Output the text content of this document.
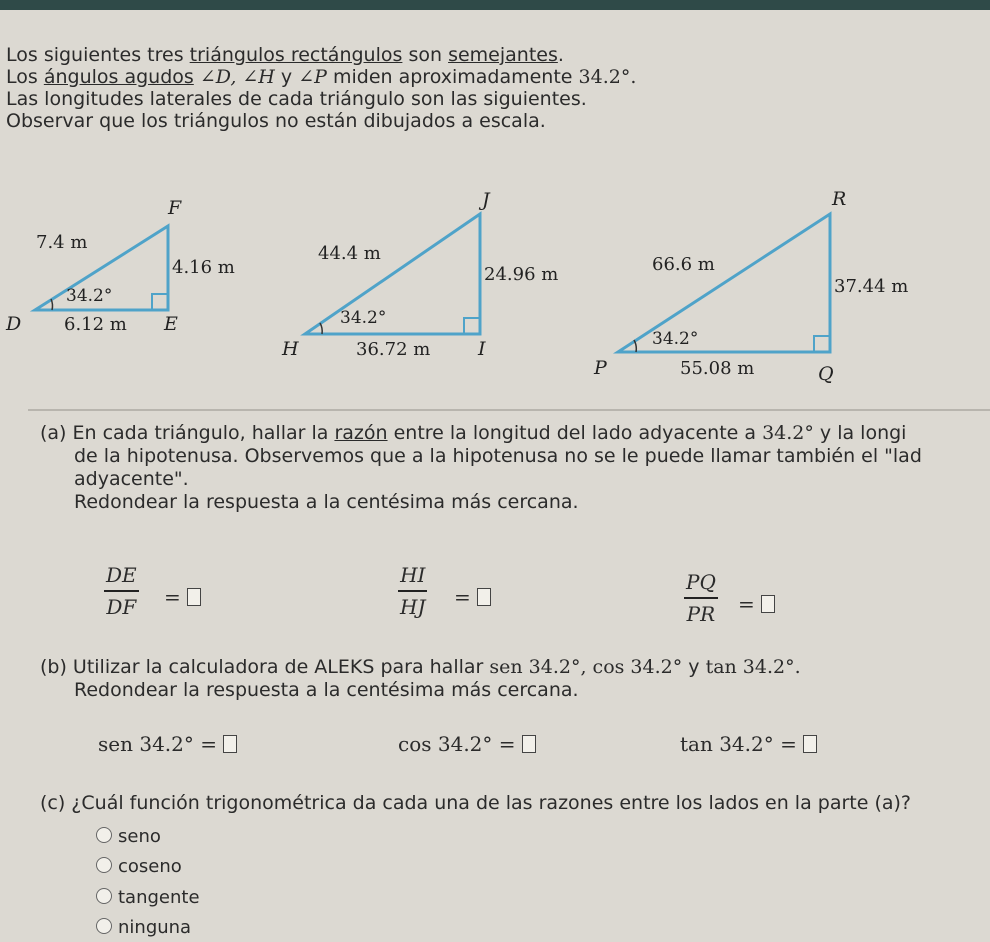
Los siguientes tres triángulos rectángulos son semejantes.
Los ángulos agudos ∠D, ∠H y ∠P miden aproximadamente 34.2°.
Las longitudes laterales de cada triángulo son las siguientes.
Observar que los triángulos no están dibujados a escala.
F
D	E
7.4 m
4.16 m
6.12 m
34.2°
J
H	I
44.4 m
24.96 m
36.72 m
34.2°
R
P	Q
66.6 m
37.44 m
55.08 m
34.2°
(a) En cada triángulo, hallar la razón entre la longitud del lado adyacente a 34.2° y la longi
de la hipotenusa. Observemos que a la hipotenusa no se le puede llamar también el "lad
adyacente".
Redondear la respuesta a la centésima más cercana.
DE
DF =
HI
HJ =
PQ
PR =
(b) Utilizar la calculadora de ALEKS para hallar sen 34.2°, cos 34.2° y tan 34.2°.
Redondear la respuesta a la centésima más cercana.
sen 34.2° =	cos 34.2° =	tan 34.2° =
(c) ¿Cuál función trigonométrica da cada una de las razones entre los lados en la parte (a)?
seno
coseno
tangente
ninguna
